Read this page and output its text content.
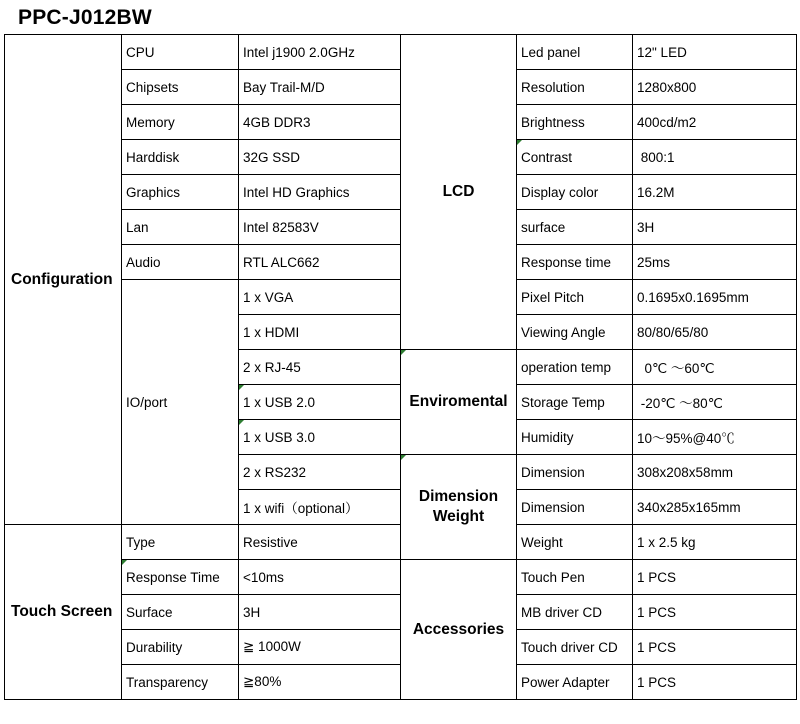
PPC-J012BW
Configuration	CPU	Intel j1900 2.0GHz	LCD	Led panel	12" LED
	Chipsets	Bay Trail-M/D		Resolution	1280x800
	Memory	4GB DDR3		Brightness	400cd/m2
	Harddisk	32G SSD		Contrast	800:1
	Graphics	Intel HD Graphics		Display color	16.2M
	Lan	Intel 82583V		surface	3H
	Audio	RTL ALC662		Response time	25ms
	IO/port	1 x VGA		Pixel Pitch	0.1695x0.1695mm
		1 x HDMI		Viewing Angle	80/80/65/80
		2 x RJ-45	Enviromental	operation temp	0℃ ～60℃
		1 x USB 2.0		Storage Temp	-20℃ ～80℃
		1 x USB 3.0		Humidity	10～95%@40℃
		2 x RS232	Dimension Weight	Dimension	308x208x58mm
		1 x wifi（optional）		Dimension	340x285x165mm
Touch Screen	Type	Resistive		Weight	1 x 2.5 kg
	Response Time	<10ms	Accessories	Touch Pen	1 PCS
	Surface	3H		MB driver CD	1 PCS
	Durability	≧ 1000W		Touch driver CD	1 PCS
	Transparency	≧80%		Power Adapter	1 PCS
